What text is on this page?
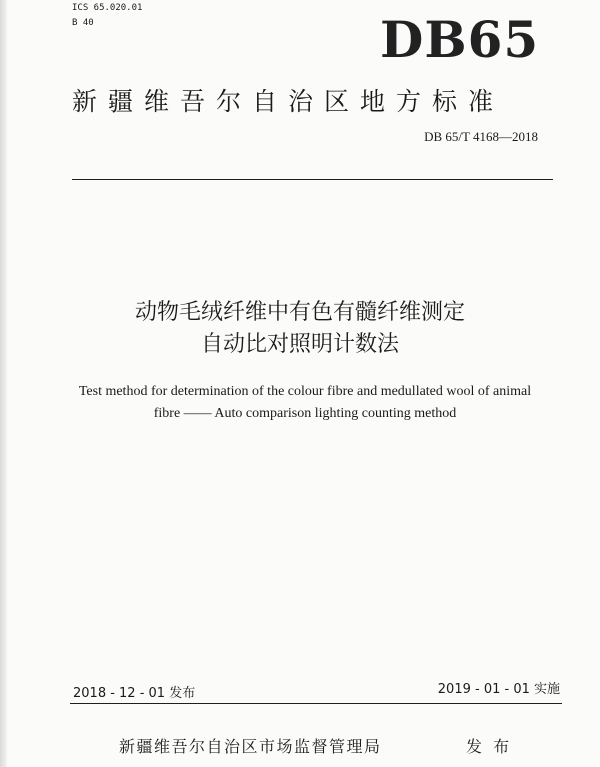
ICS 65.020.01
B 40	DB65
新疆维吾尔自治区地方标准
DB 65/T 4168—2018
动物毛绒纤维中有色有髓纤维测定
自动比对照明计数法
Test method for determination of the colour fibre and medullated wool of animal
fibre —— Auto comparison lighting counting method
2018 - 12 - 01 发布	2019 - 01 - 01 实施
新疆维吾尔自治区市场监督管理局	发 布
